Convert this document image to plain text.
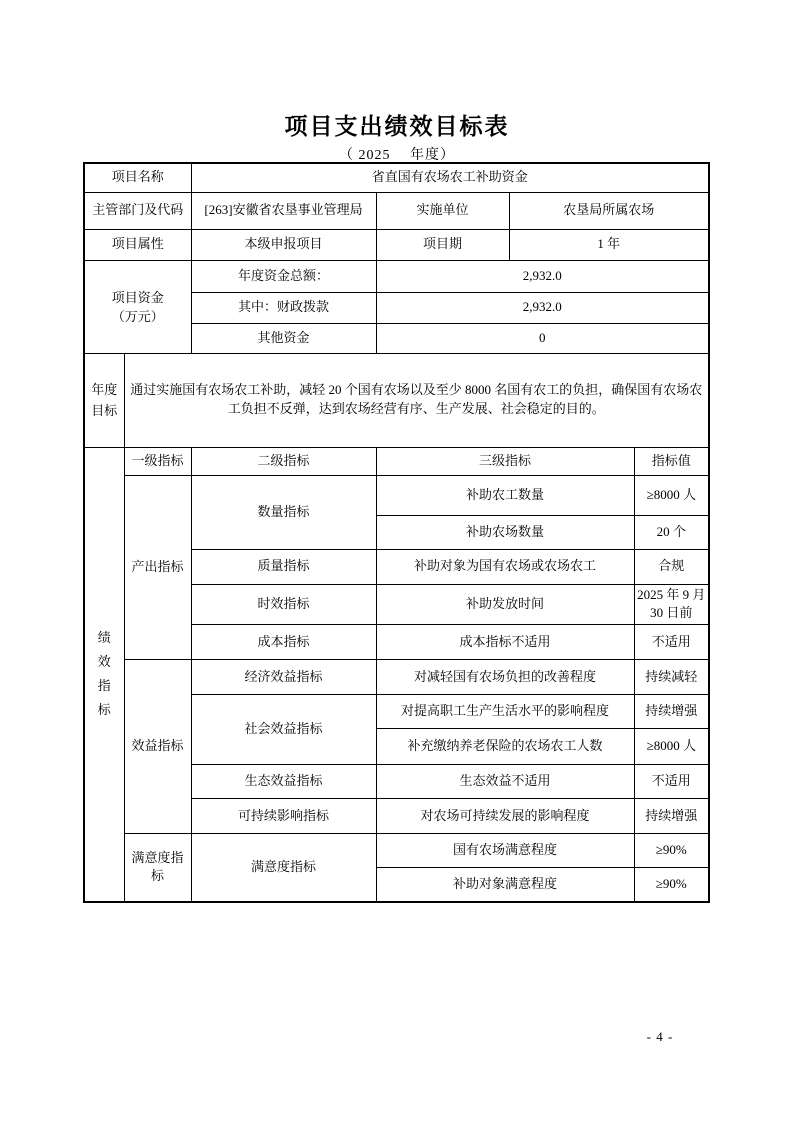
项目支出绩效目标表
（ 2025　 年度）
项目名称		省直国有农场农工补助资金			
主管部门及代码		[263]安徽省农垦事业管理局	实施单位	农垦局所属农场	
项目属性		本级申报项目	项目期	1 年	

项目资金
（万元）		年度资金总额：	2,932.0		
		其中：财政拨款	2,932.0		
		其他资金	0		

年度目标	通过实施国有农场农工补助，减轻 20 个国有农场以及至少 8000 名国有农工的负担，确保国有农场农工负担不反弹，达到农场经营有序、生产发展、社会稳定的目的。				

绩效指标	一级指标	二级指标	三级指标		指标值
	产出指标	数量指标	补助农工数量		≥8000 人
			补助农场数量		20 个
		质量指标	补助对象为国有农场或农场农工		合规
		时效指标	补助发放时间		2025 年 9 月 30 日前
		成本指标	成本指标不适用		不适用
	效益指标	经济效益指标	对减轻国有农场负担的改善程度		持续减轻
		社会效益指标	对提高职工生产生活水平的影响程度		持续增强
			补充缴纳养老保险的农场农工人数		≥8000 人
		生态效益指标	生态效益不适用		不适用
		可持续影响指标	对农场可持续发展的影响程度		持续增强
	满意度指标	满意度指标	国有农场满意程度		≥90%
			补助对象满意程度		≥90%
- 4 -
